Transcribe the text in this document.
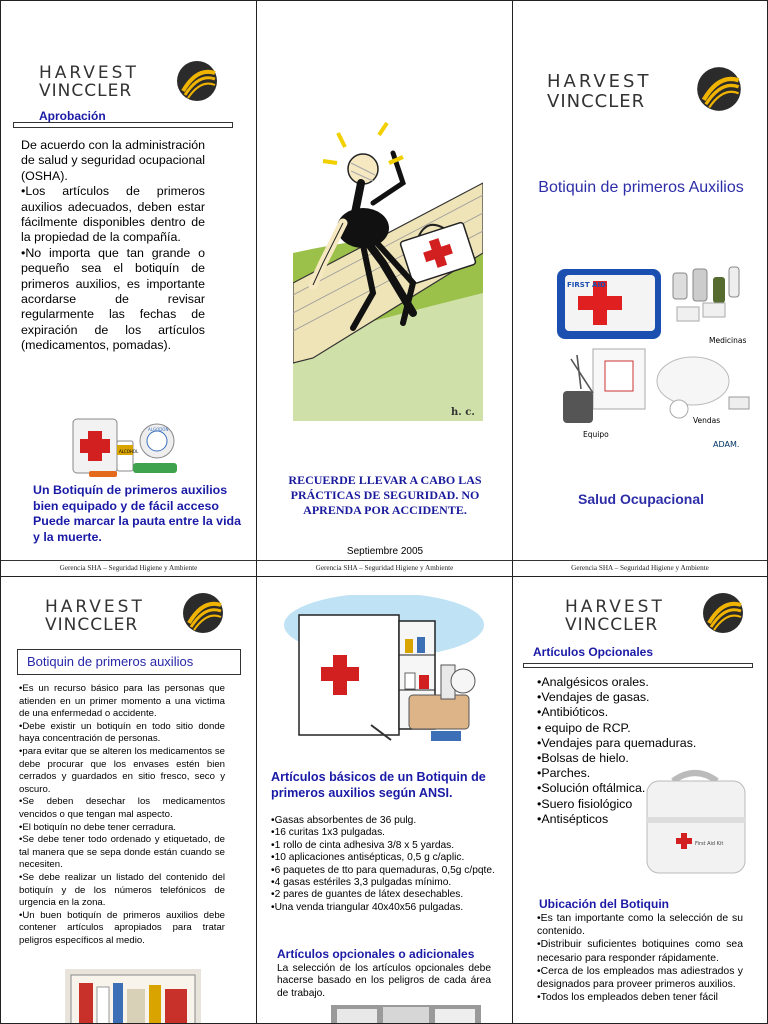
HARVEST
VINCCLER
Aprobación

De acuerdo con la administración de salud y seguridad ocupacional (OSHA).

•Los artículos de primeros auxilios adecuados, deben estar fácilmente disponibles dentro de la propiedad de la compañía.

•No importa que tan grande o pequeño sea el botiquín de primeros auxilios, es importante acordarse de revisar regularmente las fechas de expiración de los artículos (medicamentos, pomadas).

ALCOHOL
ALGODÓN
Un Botiquín de primeros auxilios bien equipado y de fácil acceso Puede marcar la pauta entre la vida y la muerte.
Gerencia SHA – Seguridad Higiene y Ambiente
h. c.
RECUERDE LLEVAR A CABO LAS PRÁCTICAS DE SEGURIDAD. NO APRENDA POR ACCIDENTE.
Septiembre 2005
Gerencia SHA – Seguridad Higiene y Ambiente
HARVEST
VINCCLER
Botiquin de primeros Auxilios
FIRST AID
Medicinas
Vendas
Equipo
ADAM.
Salud Ocupacional
Gerencia SHA – Seguridad Higiene y Ambiente
HARVEST
VINCCLER
Botiquin de primeros auxilios

•Es un recurso básico para las personas que atienden en un primer momento a una victima de una enfermedad o accidente.

•Debe existir un botiquín en todo sitio donde haya concentración de personas.

•para evitar que se alteren los medicamentos se debe procurar que los envases estén bien cerrados y guardados en sitio fresco, seco y oscuro.

•Se deben desechar los medicamentos vencidos o que tengan mal aspecto.

•El botiquín no debe tener cerradura.

•Se debe tener todo ordenado y etiquetado, de tal manera que se sepa donde están cuando se necesiten.

•Se debe realizar un listado del contenido del botiquín y de los números telefónicos de urgencia en la zona.

•Un buen botiquín de primeros auxilios debe contener artículos apropiados para tratar peligros específicos al medio.

Artículos básicos de un Botiquin de primeros auxilios según ANSI.

•Gasas absorbentes de 36 pulg.

•16 curitas 1x3 pulgadas.

•1 rollo de cinta adhesiva 3/8 x 5 yardas.

•10 aplicaciones antisépticas, 0,5 g c/aplic.

•6 paquetes de tto para quemaduras, 0,5g c/pqte.

•4 gasas estériles 3,3 pulgadas mínimo.

•2 pares de guantes de látex desechables.

•Una venda triangular 40x40x56 pulgadas.

Artículos opcionales o adicionales
La selección de los artículos opcionales debe hacerse basado en los peligros de cada área de trabajo.
HARVEST
VINCCLER
Artículos Opcionales
•Analgésicos orales.
•Vendajes de gasas.
•Antibióticos.
• equipo de RCP.
•Vendajes para quemaduras.
•Bolsas de hielo.
•Parches.
•Solución oftálmica.
•Suero fisiológico
•Antisépticos
First Aid Kit
Ubicación del Botiquin

•Es tan importante como la selección de su contenido.

•Distribuir suficientes botiquines como sea necesario para responder rápidamente.

•Cerca de los empleados mas adiestrados y designados para proveer primeros auxilios.

•Todos los empleados deben tener fácil
